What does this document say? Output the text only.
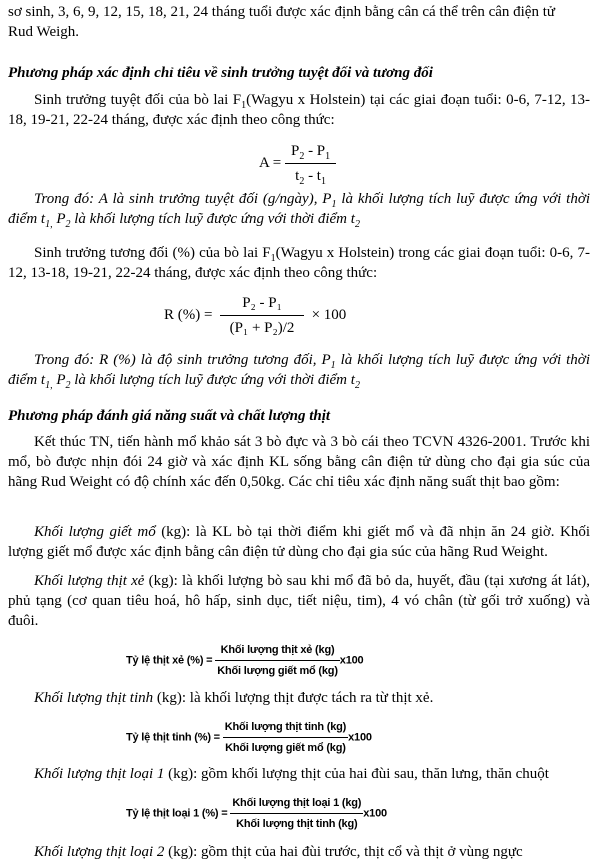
sơ sinh, 3, 6, 9, 12, 15, 18, 21, 24 tháng tuổi được xác định bằng cân cá thể trên cân điện tử
Rud Weigh.
Phương pháp xác định chỉ tiêu về sinh trưởng tuyệt đối và tương đối
Sinh trưởng tuyệt đối của bò lai $F_1(Wagyu$ x Holstein) tại các giai đoạn tuổi: 0-6, 7-12, 13-18, 19-21, 22-24 tháng, được xác định theo công thức:
$A = \frac{P_2 - P_1}{t_2 - t_1}$
Trong đó: A là sinh trưởng tuyệt đối (g/ngày), $P_1$ là khối lượng tích luỹ được ứng với thời điểm $t_{1,}$ $P_2$ là khối lượng tích luỹ được ứng với thời điểm $t_2$
Sinh trưởng tương đối (%) của bò lai $F_1(Wagyu$ x Holstein) trong các giai đoạn tuổi: 0-6, 7-12, 13-18, 19-21, 22-24 tháng, được xác định theo công thức:
R (%) = $\frac{\text{P₂ - P₁}}{\text{(P₁ + P₂)/2}} \times 100$
Trong đó: R (%) là độ sinh trưởng tương đối, $P_1$ là khối lượng tích luỹ được ứng với thời điểm $t_{1,}$ $P_2$ là khối lượng tích luỹ được ứng với thời điểm $t_2$
Phương pháp đánh giá năng suất và chất lượng thịt
Kết thúc TN, tiến hành mổ khảo sát 3 bò đực và 3 bò cái theo TCVN 4326-2001. Trước khi mổ, bò được nhịn đói 24 giờ và xác định KL sống bằng cân điện tử dùng cho đại gia súc của hãng Rud Weight có độ chính xác đến 0,50kg. Các chỉ tiêu xác định năng suất thịt bao gồm:
Khối lượng giết mổ (kg): là KL bò tại thời điểm khi giết mổ và đã nhịn ăn 24 giờ. Khối lượng giết mổ được xác định bằng cân điện tử dùng cho đại gia súc của hãng Rud Weight.
Khối lượng thịt xẻ (kg): là khối lượng bò sau khi mổ đã bỏ da, huyết, đầu (tại xương át lát), phủ tạng (cơ quan tiêu hoá, hô hấp, sinh dục, tiết niệu, tim), 4 vó chân (từ gối trở xuống) và đuôi.
Tỷ lệ thịt xẻ (%) = $\frac{\text{Khối lượng thịt xẻ (kg)}}{\text{Khối lượng giết mổ (kg)}} x100$
Khối lượng thịt tinh (kg): là khối lượng thịt được tách ra từ thịt xẻ.
Tỷ lệ thịt tinh (%) = $\frac{\text{Khối lượng thịt tinh (kg)}}{\text{Khối lượng giết mổ (kg)}} x100$
Khối lượng thịt loại 1 (kg): gồm khối lượng thịt của hai đùi sau, thăn lưng, thăn chuột
Tỷ lệ thịt loại 1 (%) = $\frac{\text{Khối lượng thịt loại 1 (kg)}}{\text{Khối lượng thịt tinh (kg)}} x100$
Khối lượng thịt loại 2 (kg): gồm thịt của hai đùi trước, thịt cổ và thịt ở vùng ngực
